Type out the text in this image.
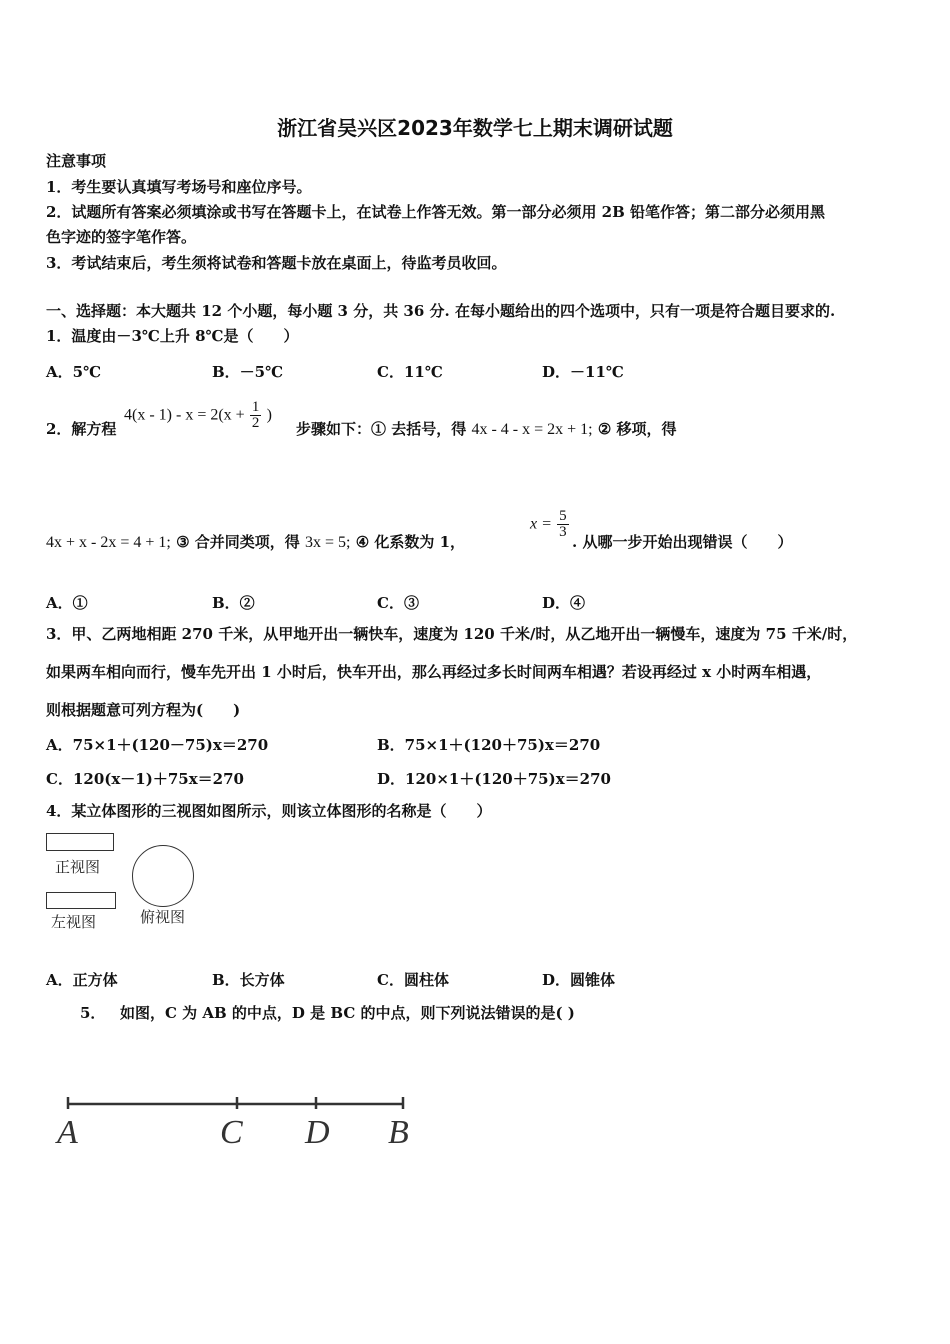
浙江省吴兴区2023年数学七上期末调研试题
注意事项
1．考生要认真填写考场号和座位序号。
2．试题所有答案必须填涂或书写在答题卡上，在试卷上作答无效。第一部分必须用 2B 铅笔作答；第二部分必须用黑
色字迹的签字笔作答。
3．考试结束后，考生须将试卷和答题卡放在桌面上，待监考员收回。
一、选择题：本大题共 12 个小题，每小题 3 分，共 36 分. 在每小题给出的四个选项中，只有一项是符合题目要求的.
1．温度由－3℃上升 8℃是（　　）
A．5℃	B．－5℃	C．11℃	D．－11℃
2．解方程
$4(x - 1) - x = 2(x + \frac{1}{2}$ )
步骤如下：① 去括号，得 4x - 4 - x = 2x + 1; ② 移项，得
4x + x - 2x = 4 + 1; ③ 合并同类项，得 3x = 5; ④ 化系数为 1，
$x = \frac{5}{3}$
. 从哪一步开始出现错误（　　）
A．①	B．②	C．③	D．④
3．甲、乙两地相距 270 千米，从甲地开出一辆快车，速度为 120 千米/时，从乙地开出一辆慢车，速度为 75 千米/时，
如果两车相向而行，慢车先开出 1 小时后，快车开出，那么再经过多长时间两车相遇？若设再经过 x 小时两车相遇，
则根据题意可列方程为(　　)
A．75×1＋(120－75)x＝270	B．75×1＋(120＋75)x＝270
C．120(x－1)＋75x＝270	D．120×1＋(120＋75)x＝270
4．某立体图形的三视图如图所示，则该立体图形的名称是（　　）
正视图
左视图	俯视图
A．正方体	B．长方体	C．圆柱体	D．圆锥体
5． 如图，C 为 AB 的中点，D 是 BC 的中点，则下列说法错误的是( )
A	C D B
